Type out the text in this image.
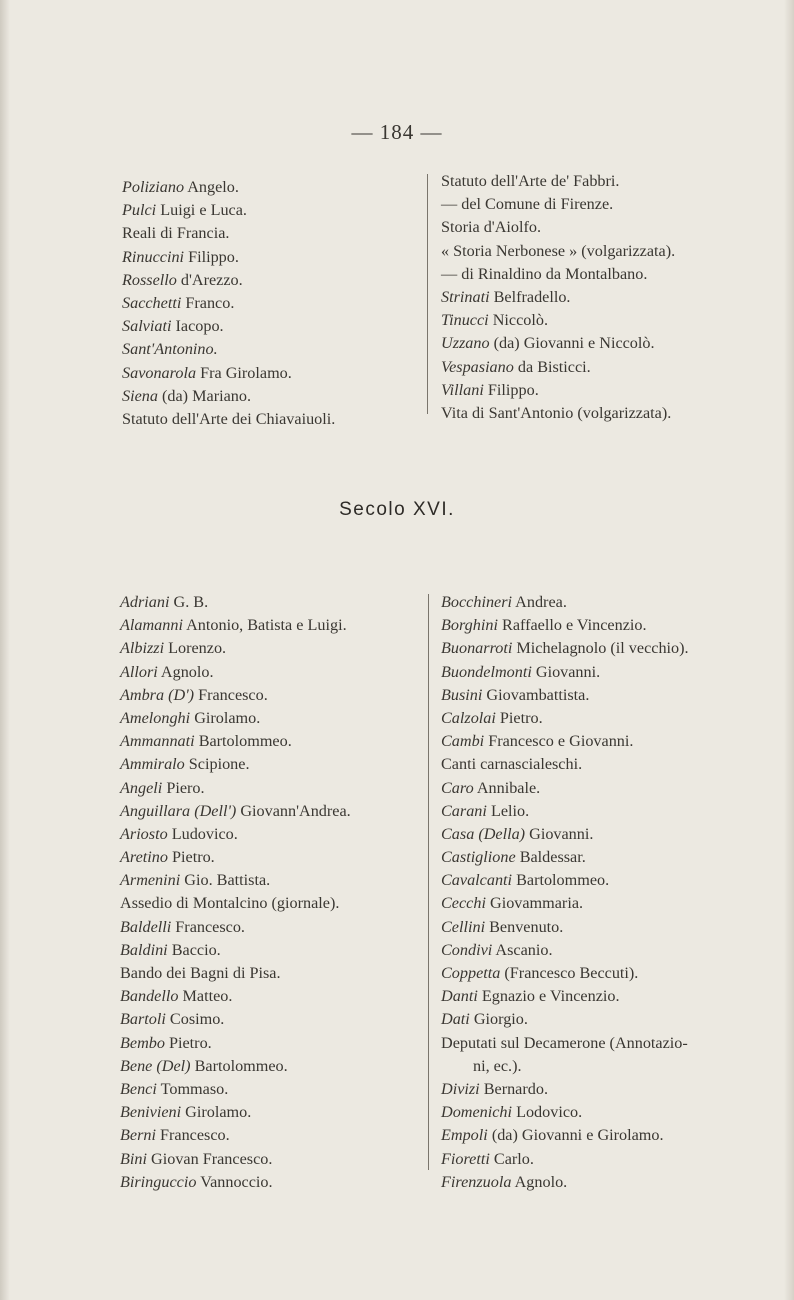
— 184 —
Poliziano Angelo.
Pulci Luigi e Luca.
Reali di Francia.
Rinuccini Filippo.
Rossello d'Arezzo.
Sacchetti Franco.
Salviati Iacopo.
Sant'Antonino.
Savonarola Fra Girolamo.
Siena (da) Mariano.
Statuto dell'Arte dei Chiavaiuoli.
Statuto dell'Arte de' Fabbri.
— del Comune di Firenze.
Storia d'Aiolfo.
« Storia Nerbonese » (volgarizzata).
— di Rinaldino da Montalbano.
Strinati Belfradello.
Tinucci Niccolò.
Uzzano (da) Giovanni e Niccolò.
Vespasiano da Bisticci.
Villani Filippo.
Vita di Sant'Antonio (volgarizzata).
Secolo XVI.
Adriani G. B.
Alamanni Antonio, Batista e Luigi.
Albizzi Lorenzo.
Allori Agnolo.
Ambra (D') Francesco.
Amelonghi Girolamo.
Ammannati Bartolommeo.
Ammiralo Scipione.
Angeli Piero.
Anguillara (Dell') Giovann'Andrea.
Ariosto Ludovico.
Aretino Pietro.
Armenini Gio. Battista.
Assedio di Montalcino (giornale).
Baldelli Francesco.
Baldini Baccio.
Bando dei Bagni di Pisa.
Bandello Matteo.
Bartoli Cosimo.
Bembo Pietro.
Bene (Del) Bartolommeo.
Benci Tommaso.
Benivieni Girolamo.
Berni Francesco.
Bini Giovan Francesco.
Biringuccio Vannoccio.
Bocchineri Andrea.
Borghini Raffaello e Vincenzio.
Buonarroti Michelagnolo (il vecchio).
Buondelmonti Giovanni.
Busini Giovambattista.
Calzolai Pietro.
Cambi Francesco e Giovanni.
Canti carnascialeschi.
Caro Annibale.
Carani Lelio.
Casa (Della) Giovanni.
Castiglione Baldessar.
Cavalcanti Bartolommeo.
Cecchi Giovammaria.
Cellini Benvenuto.
Condivi Ascanio.
Coppetta (Francesco Beccuti).
Danti Egnazio e Vincenzio.
Dati Giorgio.
Deputati sul Decamerone (Annotazio-
ni, ec.).
Divizi Bernardo.
Domenichi Lodovico.
Empoli (da) Giovanni e Girolamo.
Fioretti Carlo.
Firenzuola Agnolo.
